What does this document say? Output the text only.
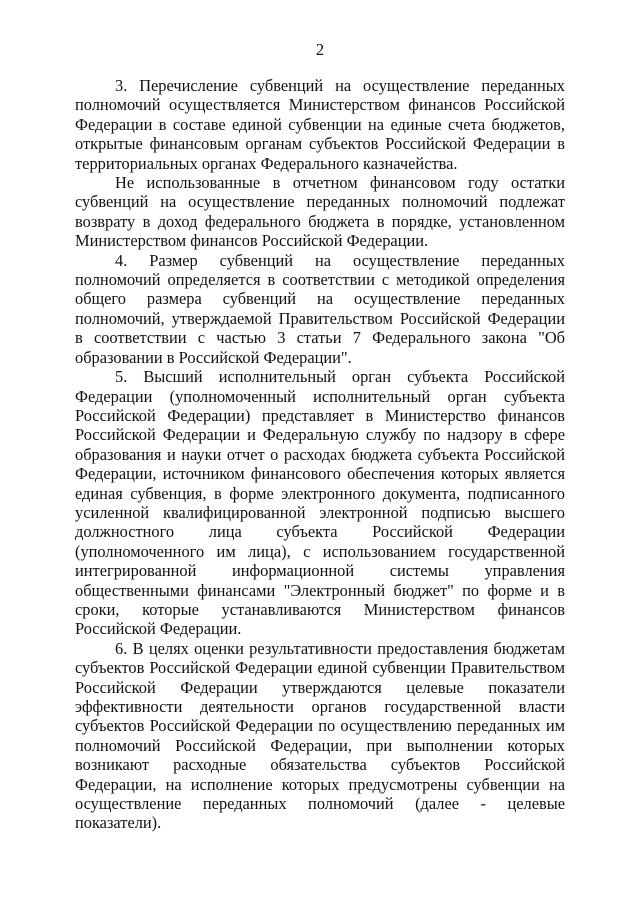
2

3. Перечисление субвенций на осуществление переданных полномочий осуществляется Министерством финансов Российской Федерации в составе единой субвенции на единые счета бюджетов, открытые финансовым органам субъектов Российской Федерации в территориальных органах Федерального казначейства.

Не использованные в отчетном финансовом году остатки субвенций на осуществление переданных полномочий подлежат возврату в доход федерального бюджета в порядке, установленном Министерством финансов Российской Федерации.

4. Размер субвенций на осуществление переданных полномочий определяется в соответствии с методикой определения общего размера субвенций на осуществление переданных полномочий, утверждаемой Правительством Российской Федерации в соответствии с частью 3 статьи 7 Федерального закона "Об образовании в Российской Федерации".

5. Высший исполнительный орган субъекта Российской Федерации (уполномоченный исполнительный орган субъекта Российской Федерации) представляет в Министерство финансов Российской Федерации и Федеральную службу по надзору в сфере образования и науки отчет о расходах бюджета субъекта Российской Федерации, источником финансового обеспечения которых является единая субвенция, в форме электронного документа, подписанного усиленной квалифицированной электронной подписью высшего должностного лица субъекта Российской Федерации (уполномоченного им лица), с использованием государственной интегрированной информационной системы управления общественными финансами "Электронный бюджет" по форме и в сроки, которые устанавливаются Министерством финансов Российской Федерации.

6. В целях оценки результативности предоставления бюджетам субъектов Российской Федерации единой субвенции Правительством Российской Федерации утверждаются целевые показатели эффективности деятельности органов государственной власти субъектов Российской Федерации по осуществлению переданных им полномочий Российской Федерации, при выполнении которых возникают расходные обязательства субъектов Российской Федерации, на исполнение которых предусмотрены субвенции на осуществление переданных полномочий (далее - целевые показатели).
